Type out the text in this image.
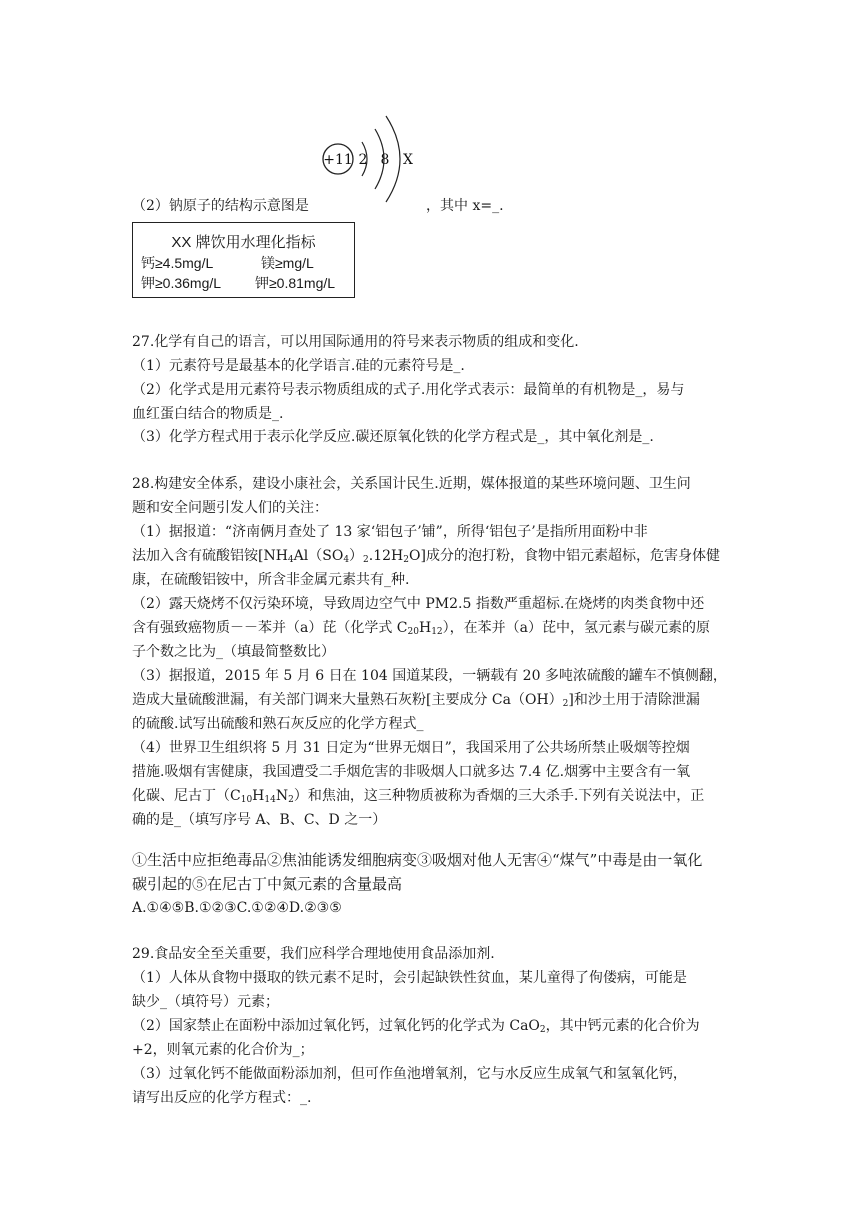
+11 2 8 X
（2）钠原子的结构示意图是	，其中 x=_.
XX 牌饮用水理化指标
钙≥4.5mg/L	镁≥mg/L
钾≥0.36mg/L 钾≥0.81mg/L
27.化学有自己的语言，可以用国际通用的符号来表示物质的组成和变化.
（1）元素符号是最基本的化学语言.硅的元素符号是_.
（2）化学式是用元素符号表示物质组成的式子.用化学式表示：最简单的有机物是_，易与
血红蛋白结合的物质是_.
（3）化学方程式用于表示化学反应.碳还原氧化铁的化学方程式是_，其中氧化剂是_.
28.构建安全体系，建设小康社会，关系国计民生.近期，媒体报道的某些环境问题、卫生问
题和安全问题引发人们的关注：
（1）据报道：“济南俩月查处了 13 家‘铝包子’铺”，所得‘铝包子’是指所用面粉中非
法加入含有硫酸铝铵$[NH_4Al(SO_4)_2.12H_2O]$成分的泡打粉，食物中铝元素超标，危害身体健
康，在硫酸铝铵中，所含非金属元素共有_种.
（2）露天烧烤不仅污染环境，导致周边空气中 PM2.5 指数严重超标.在烧烤的肉类食物中还
含有强致癌物质－－苯并（a）芘（化学式 $C_{20}H_{12}$），在苯并（a）芘中，氢元素与碳元素的原
子个数之比为_（填最简整数比）
（3）据报道，2015 年 5 月 6 日在 104 国道某段，一辆载有 20 多吨浓硫酸的罐车不慎侧翻，
造成大量硫酸泄漏，有关部门调来大量熟石灰粉[主要成分 $Ca(OH)_2$]和沙土用于清除泄漏
的硫酸.试写出硫酸和熟石灰反应的化学方程式_
（4）世界卫生组织将 5 月 31 日定为“世界无烟日”，我国采用了公共场所禁止吸烟等控烟
措施.吸烟有害健康，我国遭受二手烟危害的非吸烟人口就多达 7.4 亿.烟雾中主要含有一氧
化碳、尼古丁$(C_{10}H_{14}N_2)$和焦油，这三种物质被称为香烟的三大杀手.下列有关说法中，正
确的是_（填写序号 A、B、C、D 之一）
①生活中应拒绝毒品②焦油能诱发细胞病变③吸烟对他人无害④“煤气”中毒是由一氧化
碳引起的⑤在尼古丁中氮元素的含量最高
A.①④⑤B.①②③C.①②④D.②③⑤
29.食品安全至关重要，我们应科学合理地使用食品添加剂.
（1）人体从食物中摄取的铁元素不足时，会引起缺铁性贫血，某儿童得了佝偻病，可能是
缺少_（填符号）元素；
（2）国家禁止在面粉中添加过氧化钙，过氧化钙的化学式为 CaO$_2$，其中钙元素的化合价为
+2，则氧元素的化合价为_；
（3）过氧化钙不能做面粉添加剂，但可作鱼池增氧剂，它与水反应生成氧气和氢氧化钙，
请写出反应的化学方程式：_.
